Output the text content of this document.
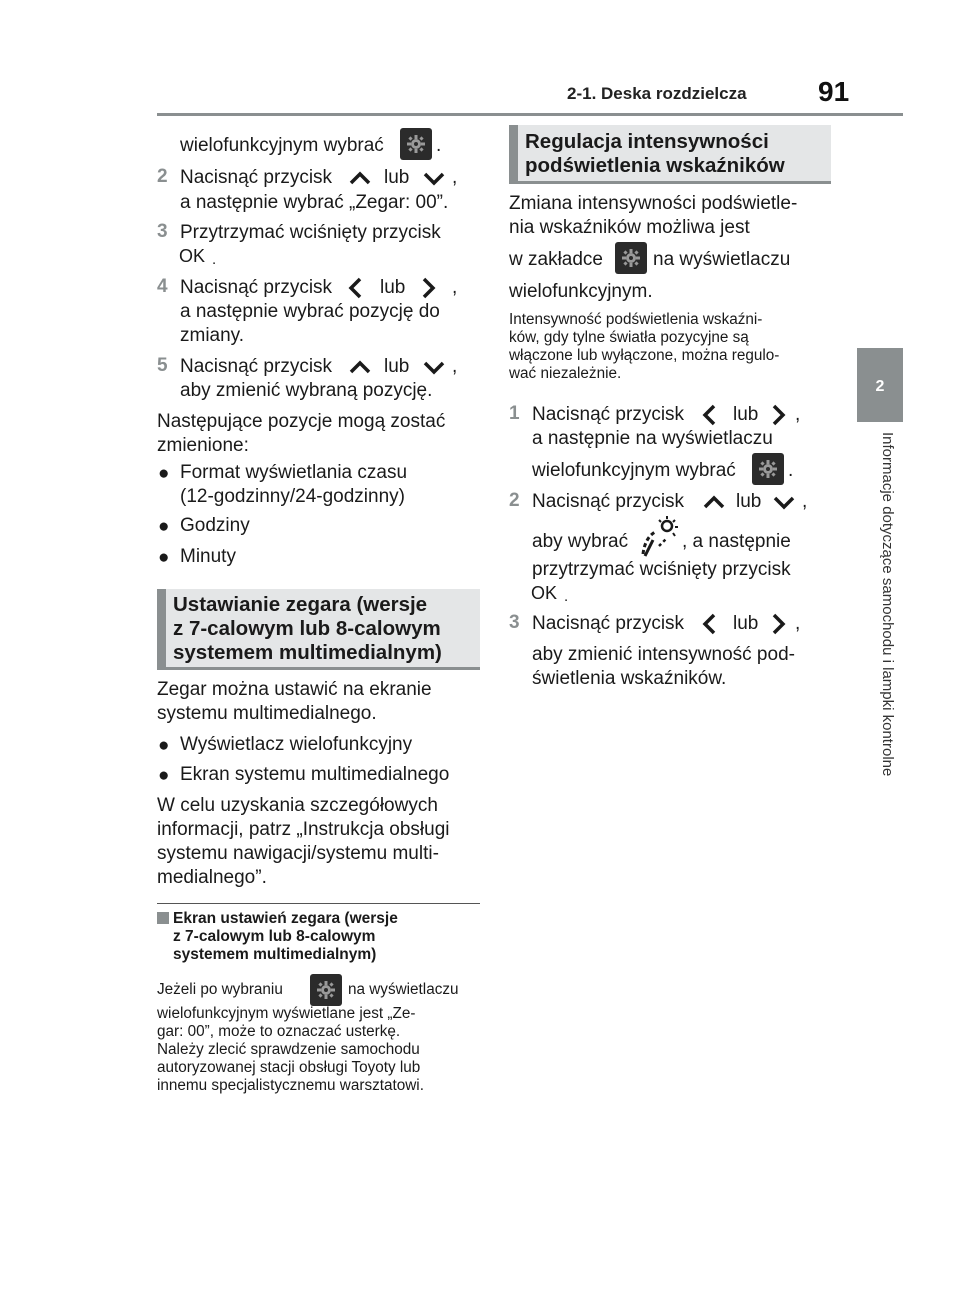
2-1. Deska rozdzielcza	91
2
Informacje dotyczące samochodu i lampki kontrolne
wielofunkcyjnym wybrać	.
2 Nacisnąć przycisk	lub ,
a następnie wybrać „Zegar: 00”.
3 Przytrzymać wciśnięty przycisk
OK .
4 Nacisnąć przycisk	lub ,
a następnie wybrać pozycję do
zmiany.
5 Nacisnąć przycisk	lub ,
aby zmienić wybraną pozycję.
Następujące pozycje mogą zostać
zmienione:
● Format wyświetlania czasu
(12-godzinny/24-godzinny)
● Godziny
● Minuty
Ustawianie zegara (wersje
z 7-calowym lub 8-calowym
systemem multimedialnym)
Zegar można ustawić na ekranie
systemu multimedialnego.
● Wyświetlacz wielofunkcyjny
● Ekran systemu multimedialnego
W celu uzyskania szczegółowych
informacji, patrz „Instrukcja obsługi
systemu nawigacji/systemu multi-
medialnego”.
Ekran ustawień zegara (wersje
z 7-calowym lub 8-calowym
systemem multimedialnym)
Jeżeli po wybraniu	na wyświetlaczu
wielofunkcyjnym wyświetlane jest „Ze-
gar: 00”, może to oznaczać usterkę.
Należy zlecić sprawdzenie samochodu
autoryzowanej stacji obsługi Toyoty lub
innemu specjalistycznemu warsztatowi.
Regulacja intensywności
podświetlenia wskaźników
Zmiana intensywności podświetle-
nia wskaźników możliwa jest
w zakładce	na wyświetlaczu
wielofunkcyjnym.
Intensywność podświetlenia wskaźni-
ków, gdy tylne światła pozycyjne są
włączone lub wyłączone, można regulo-
wać niezależnie.
1 Nacisnąć przycisk	lub ,
a następnie na wyświetlaczu
wielofunkcyjnym wybrać	.
2 Nacisnąć przycisk	lub ,
aby wybrać	, a następnie
przytrzymać wciśnięty przycisk
OK .
3 Nacisnąć przycisk	lub ,
aby zmienić intensywność pod-
świetlenia wskaźników.
